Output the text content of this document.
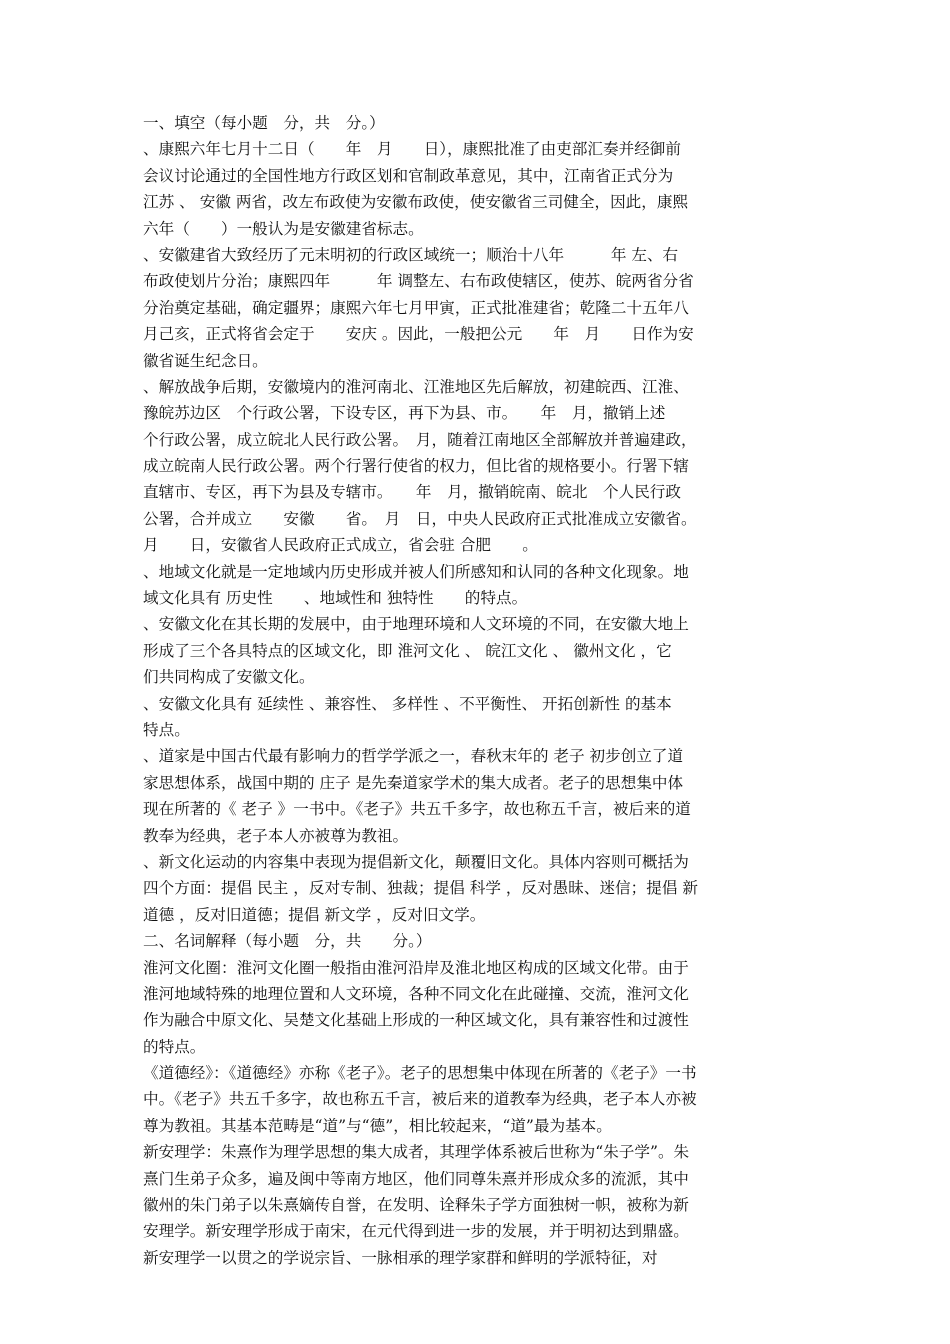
一、填空（每小题　分，共　分。）
、康熙六年七月十二日（　　年　月　　日），康熙批准了由吏部汇奏并经御前
会议讨论通过的全国性地方行政区划和官制政革意见，其中，江南省正式分为
江苏 、 安徽 两省，改左布政使为安徽布政使，使安徽省三司健全，因此，康熙
六年（　　）一般认为是安徽建省标志。
、安徽建省大致经历了元末明初的行政区域统一；顺治十八年　　　年 左、右
布政使划片分治；康熙四年　　　年 调整左、右布政使辖区，使苏、皖两省分省
分治奠定基础，确定疆界；康熙六年七月甲寅，正式批准建省；乾隆二十五年八
月己亥，正式将省会定于　　安庆 。因此，一般把公元　　年　月　　日作为安
徽省诞生纪念日。
、解放战争后期，安徽境内的淮河南北、江淮地区先后解放，初建皖西、江淮、
豫皖苏边区　个行政公署，下设专区，再下为县、市。　　年　月，撤销上述
个行政公署，成立皖北人民行政公署。　月，随着江南地区全部解放并普遍建政，
成立皖南人民行政公署。两个行署行使省的权力，但比省的规格要小。行署下辖
直辖市、专区，再下为县及专辖市。　　年　月，撤销皖南、皖北　个人民行政
公署，合并成立　　安徽　　省。　月　日，中央人民政府正式批准成立安徽省。
月　　日，安徽省人民政府正式成立，省会驻 合肥　　。
、地域文化就是一定地域内历史形成并被人们所感知和认同的各种文化现象。地
域文化具有 历史性　　、地域性和 独特性　　的特点。
、安徽文化在其长期的发展中，由于地理环境和人文环境的不同，在安徽大地上
形成了三个各具特点的区域文化，即 淮河文化 、 皖江文化 、 徽州文化 ，它
们共同构成了安徽文化。
、安徽文化具有 延续性 、兼容性、 多样性 、不平衡性、 开拓创新性 的基本
特点。
、道家是中国古代最有影响力的哲学学派之一，春秋末年的 老子 初步创立了道
家思想体系，战国中期的 庄子 是先秦道家学术的集大成者。老子的思想集中体
现在所著的《 老子 》一书中。《老子》共五千多字，故也称五千言，被后来的道
教奉为经典，老子本人亦被尊为教祖。
、新文化运动的内容集中表现为提倡新文化，颠覆旧文化。具体内容则可概括为
四个方面：提倡 民主 ，反对专制、独裁；提倡 科学 ，反对愚昧、迷信；提倡 新
道德 ，反对旧道德；提倡 新文学 ，反对旧文学。
二、名词解释（每小题　分，共　　分。）
淮河文化圈：淮河文化圈一般指由淮河沿岸及淮北地区构成的区域文化带。由于
淮河地域特殊的地理位置和人文环境，各种不同文化在此碰撞、交流，淮河文化
作为融合中原文化、吴楚文化基础上形成的一种区域文化，具有兼容性和过渡性
的特点。
《道德经》：《道德经》亦称《老子》。老子的思想集中体现在所著的《老子》一书
中。《老子》共五千多字，故也称五千言，被后来的道教奉为经典，老子本人亦被
尊为教祖。其基本范畴是“道”与“德”，相比较起来，“道”最为基本。
新安理学：朱熹作为理学思想的集大成者，其理学体系被后世称为“朱子学”。朱
熹门生弟子众多，遍及闽中等南方地区，他们同尊朱熹并形成众多的流派，其中
徽州的朱门弟子以朱熹嫡传自誉，在发明、诠释朱子学方面独树一帜，被称为新
安理学。新安理学形成于南宋，在元代得到进一步的发展，并于明初达到鼎盛。
新安理学一以贯之的学说宗旨、一脉相承的理学家群和鲜明的学派特征，对
